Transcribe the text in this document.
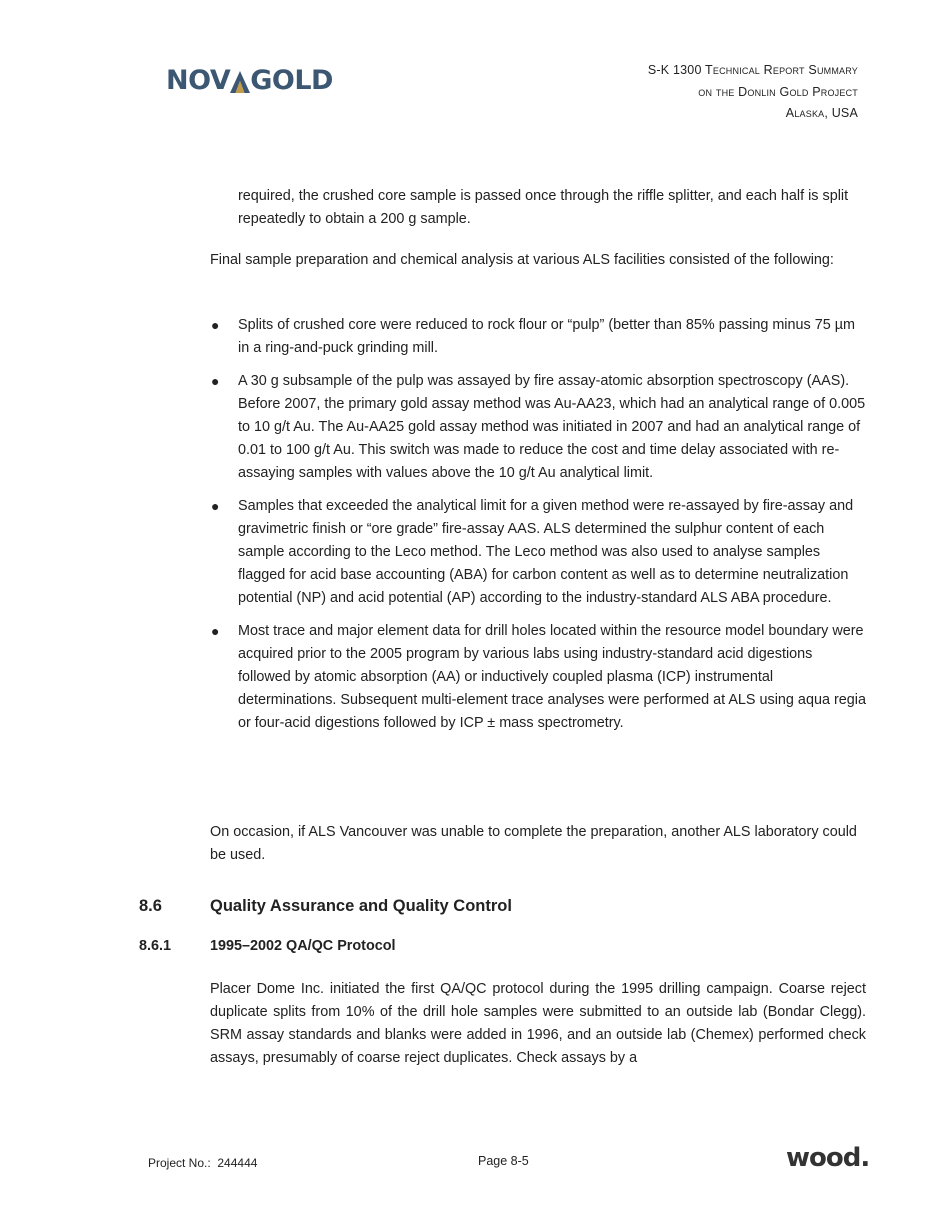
NOV GOLD	S-K 1300 Technical Report Summary
on the Donlin Gold Project
Alaska, USA
required, the crushed core sample is passed once through the riffle splitter, and each half is split repeatedly to obtain a 200 g sample.
Final sample preparation and chemical analysis at various ALS facilities consisted of the following:
● Splits of crushed core were reduced to rock flour or “pulp” (better than 85% passing minus 75 µm in a ring-and-puck grinding mill.
● A 30 g subsample of the pulp was assayed by fire assay-atomic absorption spectroscopy (AAS). Before 2007, the primary gold assay method was Au-AA23, which had an analytical range of 0.005 to 10 g/t Au. The Au-AA25 gold assay method was initiated in 2007 and had an analytical range of 0.01 to 100 g/t Au. This switch was made to reduce the cost and time delay associated with re-assaying samples with values above the 10 g/t Au analytical limit.
● Samples that exceeded the analytical limit for a given method were re-assayed by fire-assay and gravimetric finish or “ore grade” fire-assay AAS. ALS determined the sulphur content of each sample according to the Leco method. The Leco method was also used to analyse samples flagged for acid base accounting (ABA) for carbon content as well as to determine neutralization potential (NP) and acid potential (AP) according to the industry-standard ALS ABA procedure.
● Most trace and major element data for drill holes located within the resource model boundary were acquired prior to the 2005 program by various labs using industry-standard acid digestions followed by atomic absorption (AA) or inductively coupled plasma (ICP) instrumental determinations. Subsequent multi-element trace analyses were performed at ALS using aqua regia or four-acid digestions followed by ICP ± mass spectrometry.
On occasion, if ALS Vancouver was unable to complete the preparation, another ALS laboratory could be used.
8.6	Quality Assurance and Quality Control
8.6.1	1995–2002 QA/QC Protocol
Placer Dome Inc. initiated the first QA/QC protocol during the 1995 drilling campaign. Coarse reject duplicate splits from 10% of the drill hole samples were submitted to an outside lab (Bondar Clegg). SRM assay standards and blanks were added in 1996, and an outside lab (Chemex) performed check assays, presumably of coarse reject duplicates. Check assays by a
Project No.: 244444	Page 8-5	wood.
